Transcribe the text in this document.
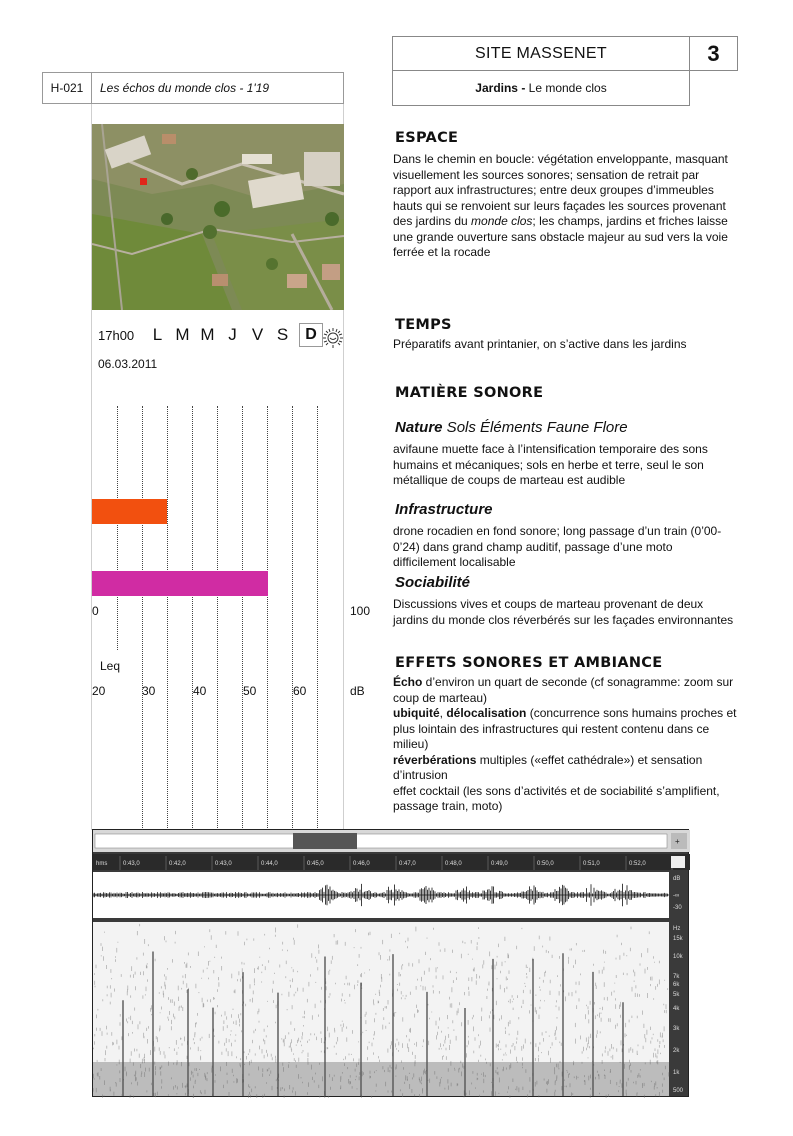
SITE MASSENET	3
Jardins - Le monde clos
H-021	Les échos du monde clos - 1'19
17h00	L M M J V S	D
06.03.2011
0	100
Leq
20	30	40	50	60	dB
ESPACE
Dans le chemin en boucle: végétation enveloppante, masquant visuellement les sources sonores; sensation de retrait par rapport aux infrastructures; entre deux groupes d’immeubles hauts qui se renvoient sur leurs façades les sources provenant des jardins du monde clos; les champs, jardins et friches laisse une grande ouverture sans obstacle majeur au sud vers la voie ferrée et la rocade
TEMPS
Préparatifs avant printanier, on s’active dans les jardins
MATIÈRE SONORE
Nature Sols Éléments Faune Flore
avifaune muette face à l’intensification temporaire des sons humains et mécaniques; sols en herbe et terre, seul le son métallique de coups de marteau est audible
Infrastructure
drone rocadien en fond sonore; long passage d’un train (0’00-0’24) dans grand champ auditif, passage d’une moto difficilement localisable
Sociabilité
Discussions vives et coups de marteau provenant de deux jardins du monde clos réverbérés sur les façades environnantes
EFFETS SONORES ET AMBIANCE
Écho d’environ un quart de seconde (cf sonagramme: zoom sur coup de marteau)
ubiquité, délocalisation (concurrence sons humains proches et plus lointain des infrastructures qui restent contenu dans ce milieu)
réverbérations multiples («effet cathédrale») et sensation d’intrusion
effet cocktail (les sons d’activités et de sociabilité s’amplifient, passage train, moto)
+
hms	0:43,0	0:42,0	0:43,0	0:44,0	0:45,0	0:46,0	0:47,0	0:48,0	0:49,0	0:50,0	0:51,0	0:52,0
dB
-∞
-30
Hz
15k
10k
7k
6k
5k
4k
3k
2k
1k
500
